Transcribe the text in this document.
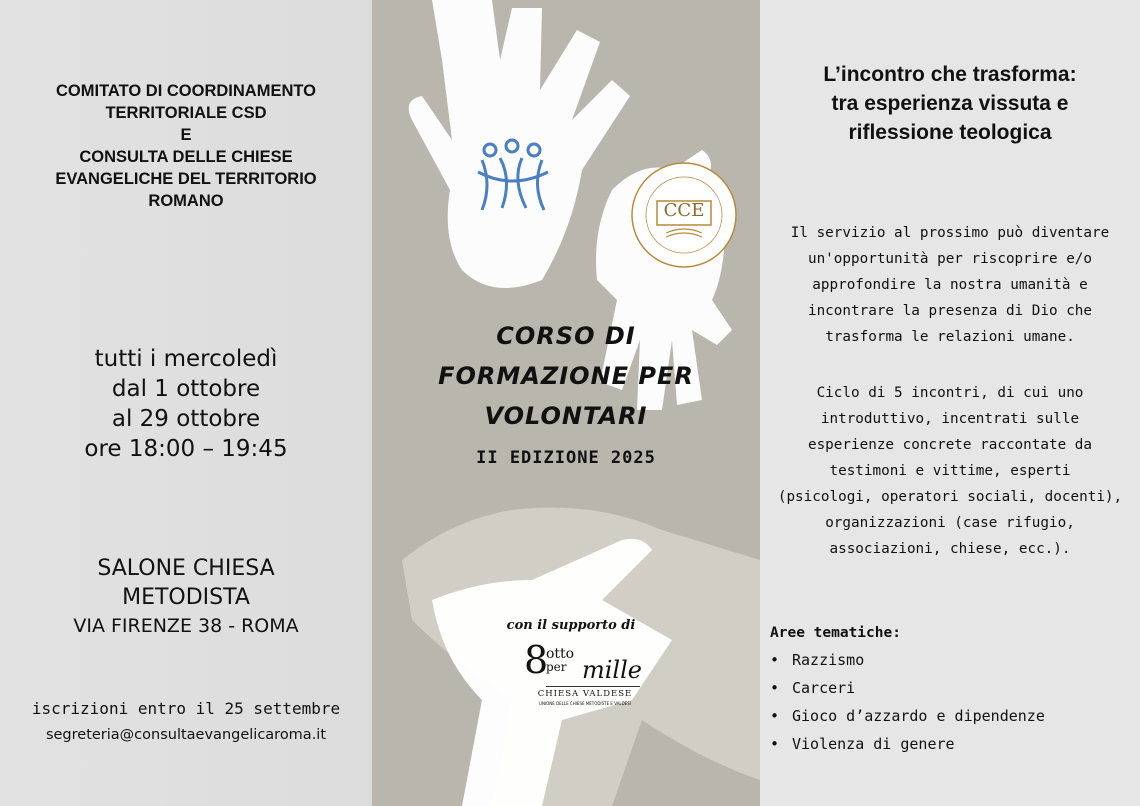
CCE
COMITATO DI COORDINAMENTO
TERRITORIALE CSD
E
CONSULTA DELLE CHIESE
EVANGELICHE DEL TERRITORIO
ROMANO
tutti i mercoledì
dal 1 ottobre
al 29 ottobre
ore 18:00 – 19:45
SALONE CHIESA
METODISTA
VIA FIRENZE 38 - ROMA
iscrizioni entro il 25 settembre
segreteria@consultaevangelicaroma.it
CORSO DI
FORMAZIONE PER
VOLONTARI
II EDIZIONE 2025
con il supporto di
8
otto
per mille
CHIESA VALDESE
UNIONE DELLE CHIESE METODISTE E VALDESI
L’incontro che trasforma:
tra esperienza vissuta e
riflessione teologica
Il servizio al prossimo può diventare
un'opportunità per riscoprire e/o
approfondire la nostra umanità e
incontrare la presenza di Dio che
trasforma le relazioni umane.
Ciclo di 5 incontri, di cui uno
introduttivo, incentrati sulle
esperienze concrete raccontate da
testimoni e vittime, esperti
(psicologi, operatori sociali, docenti),
organizzazioni (case rifugio,
associazioni, chiese, ecc.).
Aree tematiche:
• Razzismo
• Carceri
• Gioco d’azzardo e dipendenze
• Violenza di genere
